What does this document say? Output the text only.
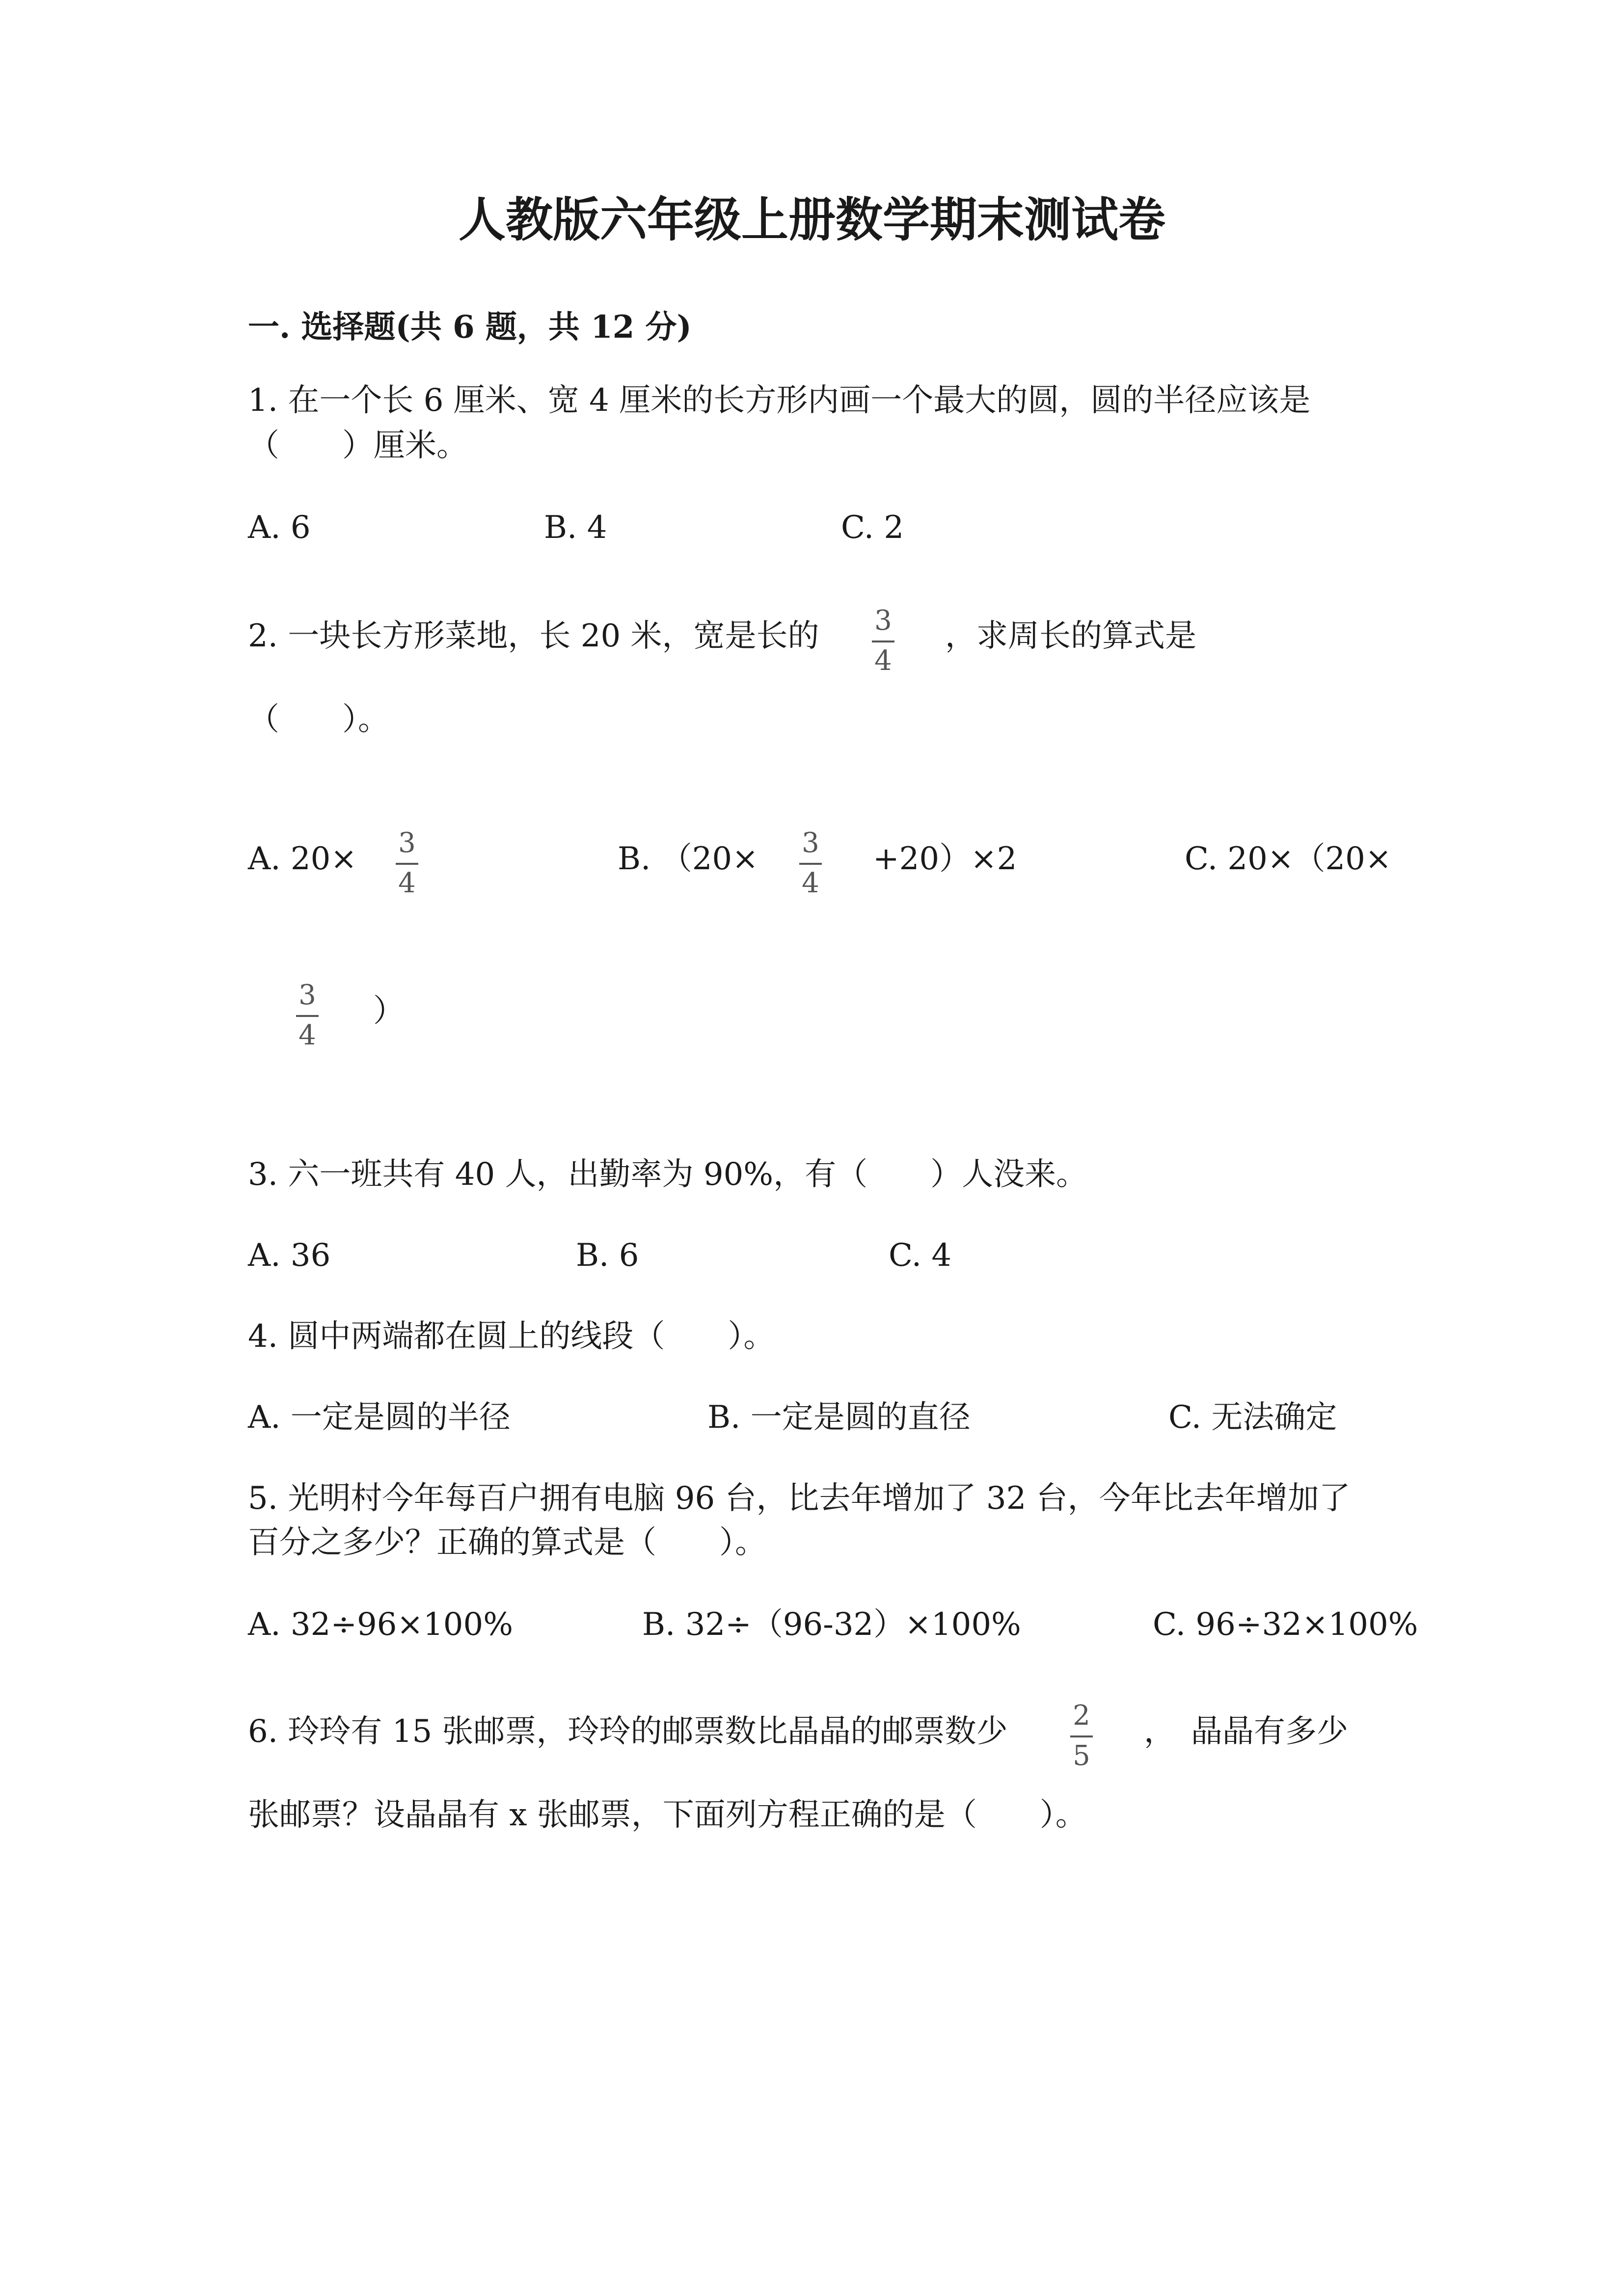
人教版六年级上册数学期末测试卷
一. 选择题(共 6 题，共 12 分)
1. 在一个长 6 厘米、宽 4 厘米的长方形内画一个最大的圆，圆的半径应该是
（　　）厘米。
A. 6	B. 4	C. 2
2. 一块长方形菜地，长 20 米，宽是长的 3
4
，求周长的算式是
（　　）。
A. 20× 3
4
B. （20× 3
4
+20）×2	C. 20×（20×
3
4
）
3. 六一班共有 40 人，出勤率为 90%，有（　　）人没来。
A. 36	B. 6	C. 4
4. 圆中两端都在圆上的线段（　　）。
A. 一定是圆的半径	B. 一定是圆的直径	C. 无法确定
5. 光明村今年每百户拥有电脑 96 台，比去年增加了 32 台，今年比去年增加了
百分之多少？正确的算式是（　　）。
A. 32÷96×100%	B. 32÷（96-32）×100%	C. 96÷32×100%
6. 玲玲有 15 张邮票，玲玲的邮票数比晶晶的邮票数少 2
5
，　晶晶有多少
张邮票？设晶晶有 x 张邮票，下面列方程正确的是（　　）。
